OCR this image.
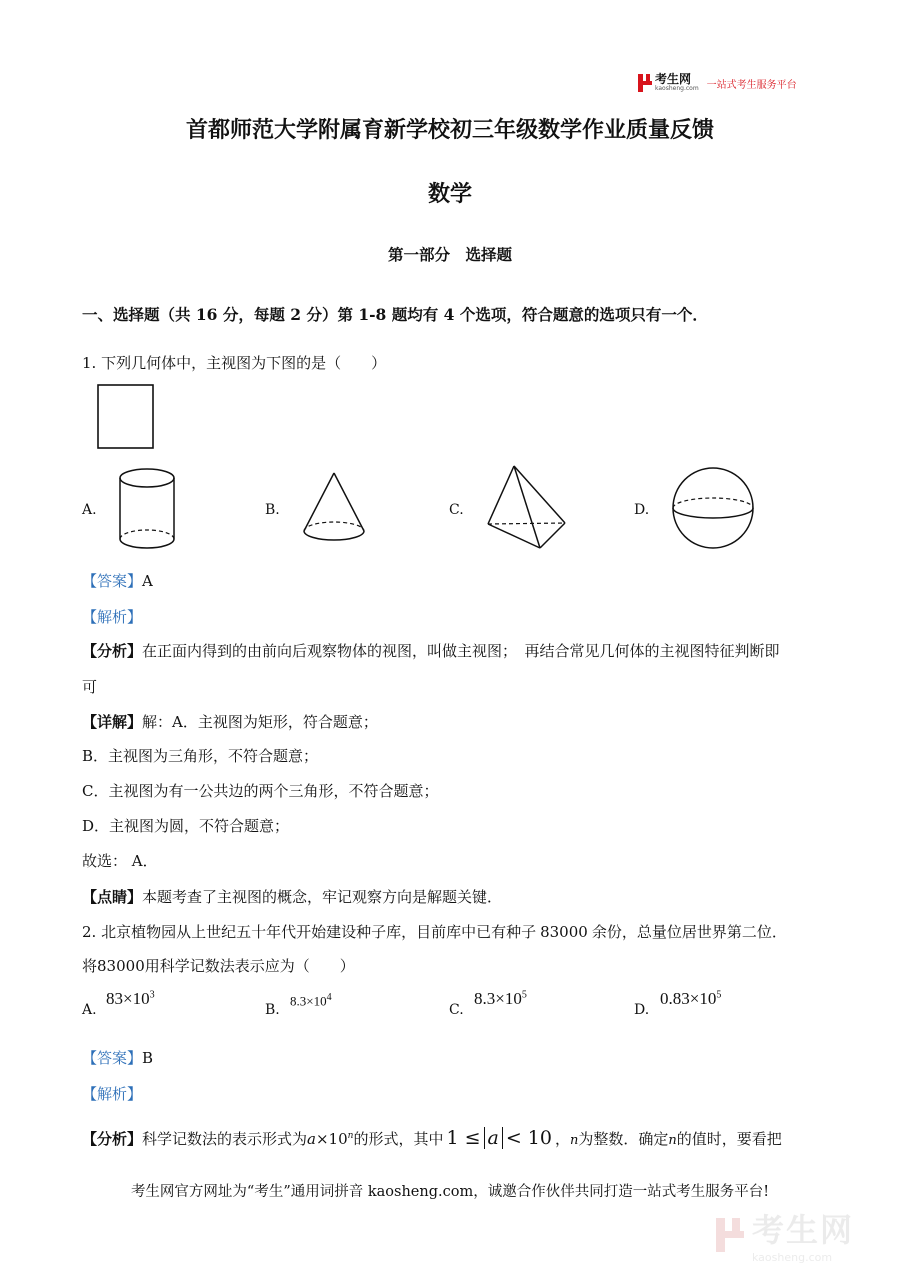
考生网
kaosheng.com 一站式考生服务平台
首都师范大学附属育新学校初三年级数学作业质量反馈
数学
第一部分　选择题
一、选择题（共 16 分，每题 2 分）第 1-8 题均有 4 个选项，符合题意的选项只有一个．
1. 下列几何体中，主视图为下图的是（　　）
A.	B.	C.	D.
【答案】A
【解析】
【分析】在正面内得到的由前向后观察物体的视图，叫做主视图；　再结合常见几何体的主视图特征判断即
可
【详解】解：A．主视图为矩形，符合题意；
B．主视图为三角形，不符合题意；
C．主视图为有一公共边的两个三角形，不符合题意；
D．主视图为圆，不符合题意；
故选： A．
【点睛】本题考查了主视图的概念，牢记观察方向是解题关键．
2. 北京植物园从上世纪五十年代开始建设种子库，目前库中已有种子 83000 余份，总量位居世界第二位．
将83000用科学记数法表示应为（　　）
A.
$83\times 10^3$
B.
$8.3\times 10^4$
C.
$8.3\times 10^5$
D.
$0.83\times 10^5$
【答案】B
【解析】
【分析】科学记数法的表示形式为$a\times 10^n$的形式，其中 1 ≤ a < 10 ，n为整数．确定n的值时，要看把
考生网官方网址为“考生”通用词拼音 kaosheng.com，诚邀合作伙伴共同打造一站式考生服务平台!
考生网
kaosheng.com
